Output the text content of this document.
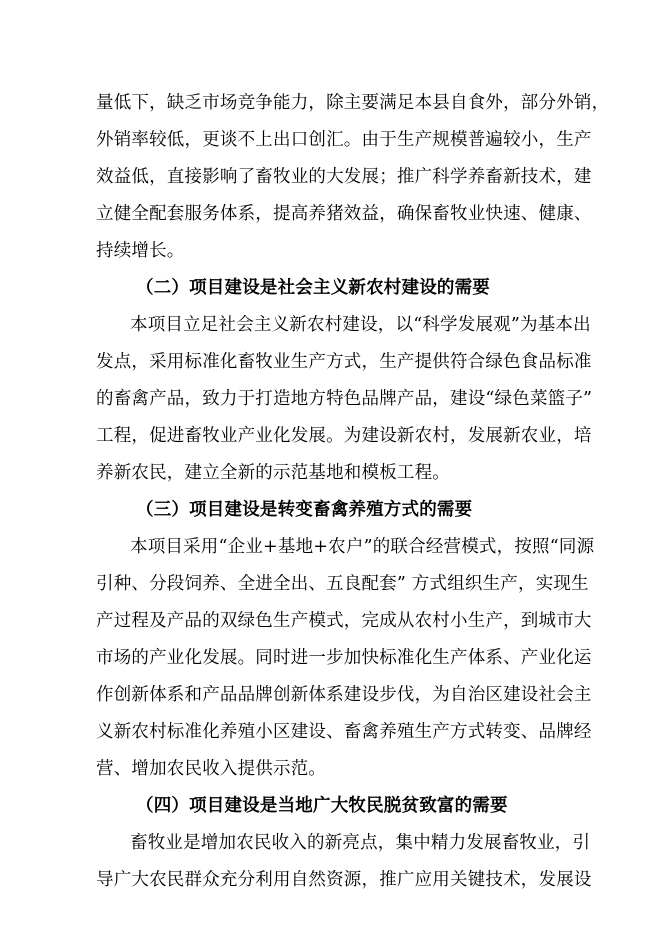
量低下，缺乏市场竞争能力，除主要满足本县自食外，部分外销，
外销率较低，更谈不上出口创汇。由于生产规模普遍较小，生产
效益低，直接影响了畜牧业的大发展；推广科学养畜新技术，建
立健全配套服务体系，提高养猪效益，确保畜牧业快速、健康、
持续增长。
（二）项目建设是社会主义新农村建设的需要
本项目立足社会主义新农村建设，以“科学发展观”为基本出
发点，采用标准化畜牧业生产方式，生产提供符合绿色食品标准
的畜禽产品，致力于打造地方特色品牌产品，建设“绿色菜篮子”
工程，促进畜牧业产业化发展。为建设新农村，发展新农业，培
养新农民，建立全新的示范基地和模板工程。
（三）项目建设是转变畜禽养殖方式的需要
本项目采用“企业+基地+农户”的联合经营模式，按照“同源
引种、分段饲养、全进全出、五良配套” 方式组织生产，实现生
产过程及产品的双绿色生产模式，完成从农村小生产，到城市大
市场的产业化发展。同时进一步加快标准化生产体系、产业化运
作创新体系和产品品牌创新体系建设步伐，为自治区建设社会主
义新农村标准化养殖小区建设、畜禽养殖生产方式转变、品牌经
营、增加农民收入提供示范。
（四）项目建设是当地广大牧民脱贫致富的需要
畜牧业是增加农民收入的新亮点，集中精力发展畜牧业，引
导广大农民群众充分利用自然资源，推广应用关键技术，发展设
